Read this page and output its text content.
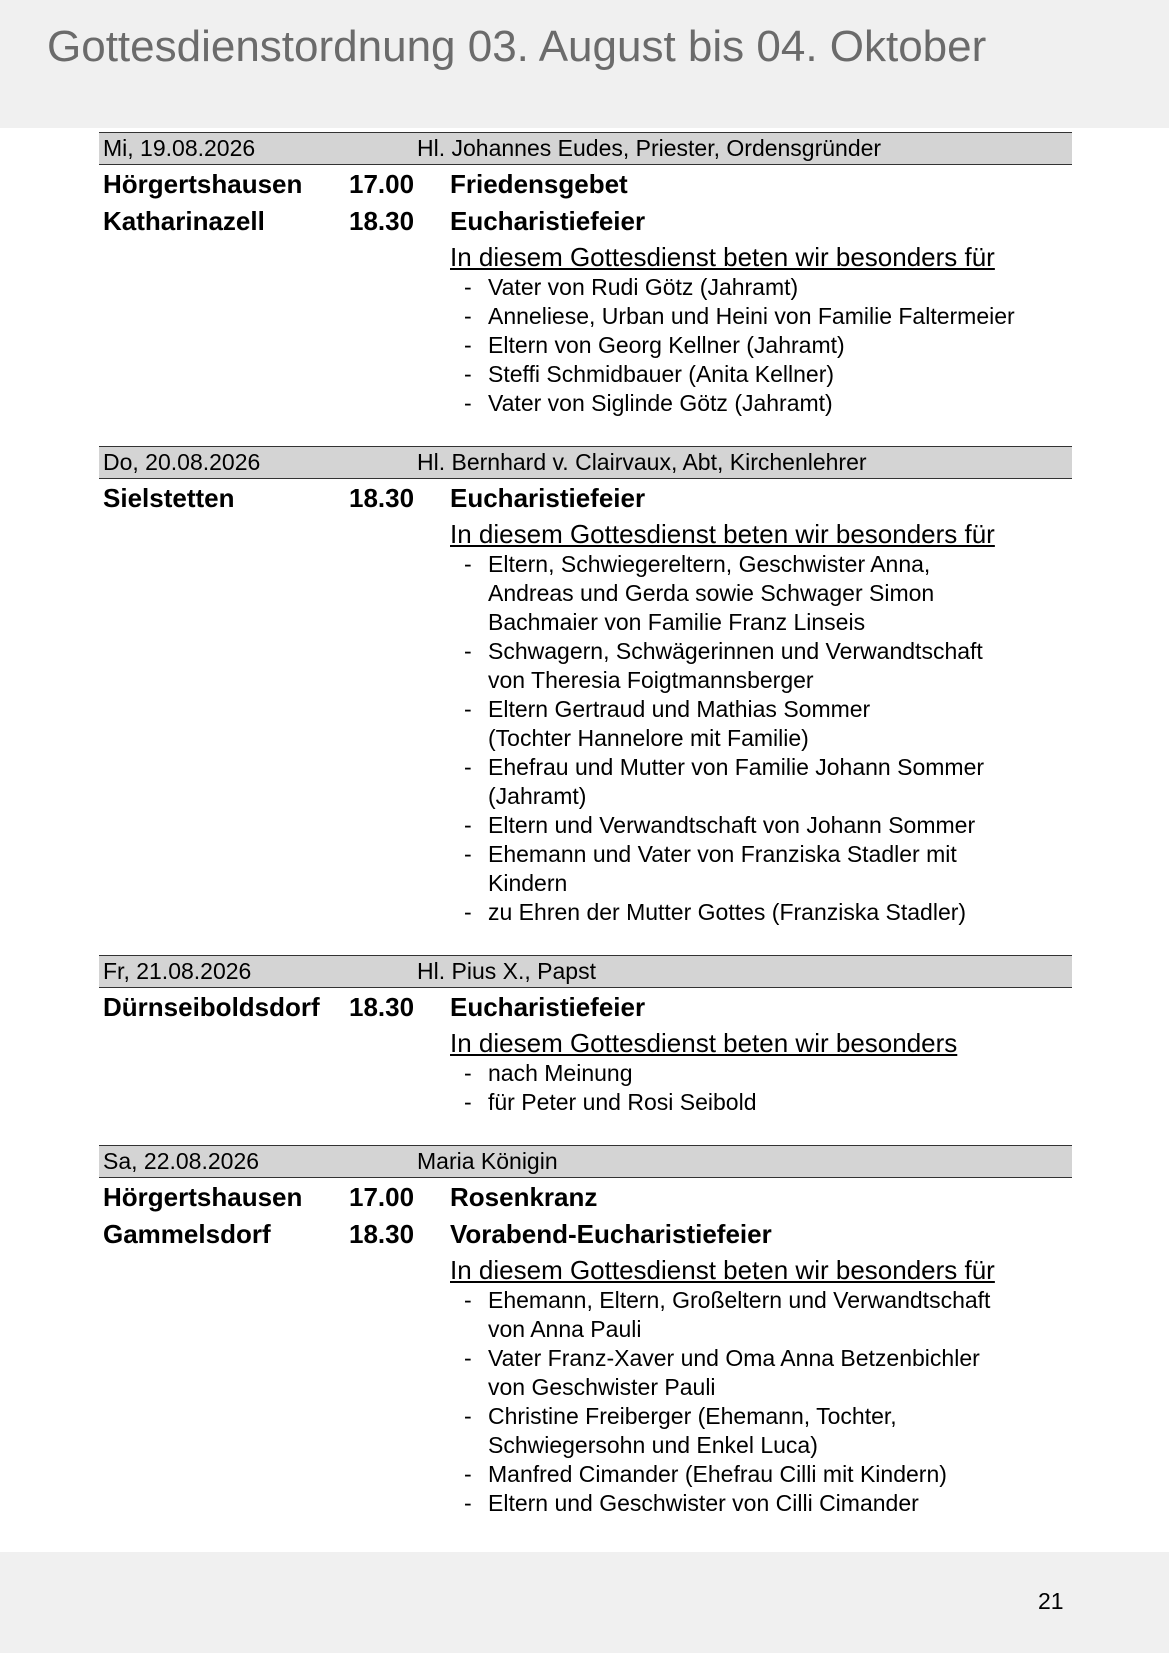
Gottesdienstordnung 03. August bis 04. Oktober
Mi, 19.08.2026	Hl. Johannes Eudes, Priester, Ordensgründer
Hörgertshausen 17.00 Friedensgebet
Katharinazell	18.30 Eucharistiefeier
In diesem Gottesdienst beten wir besonders für
- Vater von Rudi Götz (Jahramt)
- Anneliese, Urban und Heini von Familie Faltermeier
- Eltern von Georg Kellner (Jahramt)
- Steffi Schmidbauer (Anita Kellner)
- Vater von Siglinde Götz (Jahramt)
Do, 20.08.2026	Hl. Bernhard v. Clairvaux, Abt, Kirchenlehrer
Sielstetten	18.30 Eucharistiefeier
In diesem Gottesdienst beten wir besonders für
- Eltern, Schwiegereltern, Geschwister Anna,
Andreas und Gerda sowie Schwager Simon
Bachmaier von Familie Franz Linseis
- Schwagern, Schwägerinnen und Verwandtschaft
von Theresia Foigtmannsberger
- Eltern Gertraud und Mathias Sommer
(Tochter Hannelore mit Familie)
- Ehefrau und Mutter von Familie Johann Sommer
(Jahramt)
- Eltern und Verwandtschaft von Johann Sommer
- Ehemann und Vater von Franziska Stadler mit
Kindern
- zu Ehren der Mutter Gottes (Franziska Stadler)
Fr, 21.08.2026	Hl. Pius X., Papst
Dürnseiboldsdorf 18.30 Eucharistiefeier
In diesem Gottesdienst beten wir besonders
- nach Meinung
- für Peter und Rosi Seibold
Sa, 22.08.2026	Maria Königin
Hörgertshausen 17.00 Rosenkranz
Gammelsdorf	18.30 Vorabend-Eucharistiefeier
In diesem Gottesdienst beten wir besonders für
- Ehemann, Eltern, Großeltern und Verwandtschaft
von Anna Pauli
- Vater Franz-Xaver und Oma Anna Betzenbichler
von Geschwister Pauli
- Christine Freiberger (Ehemann, Tochter,
Schwiegersohn und Enkel Luca)
- Manfred Cimander (Ehefrau Cilli mit Kindern)
- Eltern und Geschwister von Cilli Cimander
21
